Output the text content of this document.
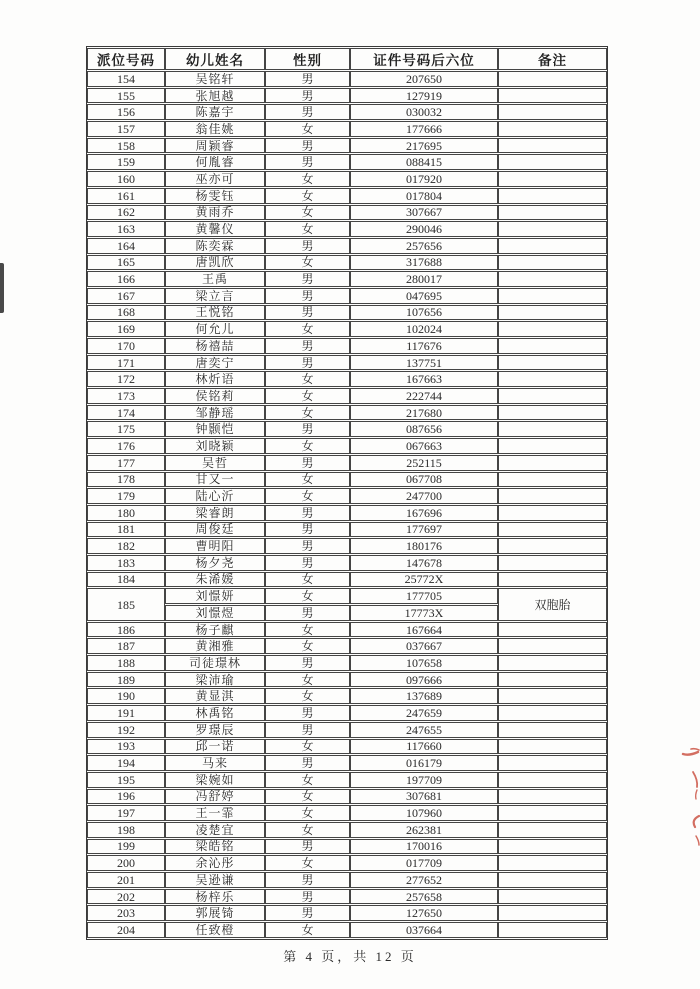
派位号码	幼儿姓名	性别	证件号码后六位	备注
154	吴铭轩	男	207650	
155	张旭越	男	127919	
156	陈嘉宇	男	030032	
157	翁佳姚	女	177666	
158	周颖睿	男	217695	
159	何胤睿	男	088415	
160	巫亦可	女	017920	
161	杨雯钰	女	017804	
162	黄雨乔	女	307667	
163	黄馨仪	女	290046	
164	陈奕霖	男	257656	
165	唐凯欣	女	317688	
166	王禹	男	280017	
167	梁立言	男	047695	
168	王悦铭	男	107656	
169	何允儿	女	102024	
170	杨禧喆	男	117676	
171	唐奕宁	男	137751	
172	林炘语	女	167663	
173	侯铭莉	女	222744	
174	邹静瑶	女	217680	
175	钟颢恺	男	087656	
176	刘晓颖	女	067663	
177	吴哲	男	252115	
178	甘又一	女	067708	
179	陆心沂	女	247700	
180	梁睿朗	男	167696	
181	周俊廷	男	177697	
182	曹明阳	男	180176	
183	杨夕尧	男	147678	
184	朱浠媛	女	25772X	
185	刘憬妍	女	177705	双胞胎
	刘憬煜	男	17773X	
186	杨子麒	女	167664	
187	黄湘雅	女	037667	
188	司徒璟林	男	107658	
189	梁沛瑜	女	097666	
190	黄显淇	女	137689	
191	林禹铭	男	247659	
192	罗璟辰	男	247655	
193	邱一诺	女	117660	
194	马来	男	016179	
195	梁婉如	女	197709	
196	冯舒婷	女	307681	
197	王一霏	女	107960	
198	凌楚宜	女	262381	
199	梁皓铭	男	170016	
200	余沁彤	女	017709	
201	吴逊谦	男	277652	
202	杨梓乐	男	257658	
203	郭展锜	男	127650	
204	任致橙	女	037664	
第 4 页，共 12 页
